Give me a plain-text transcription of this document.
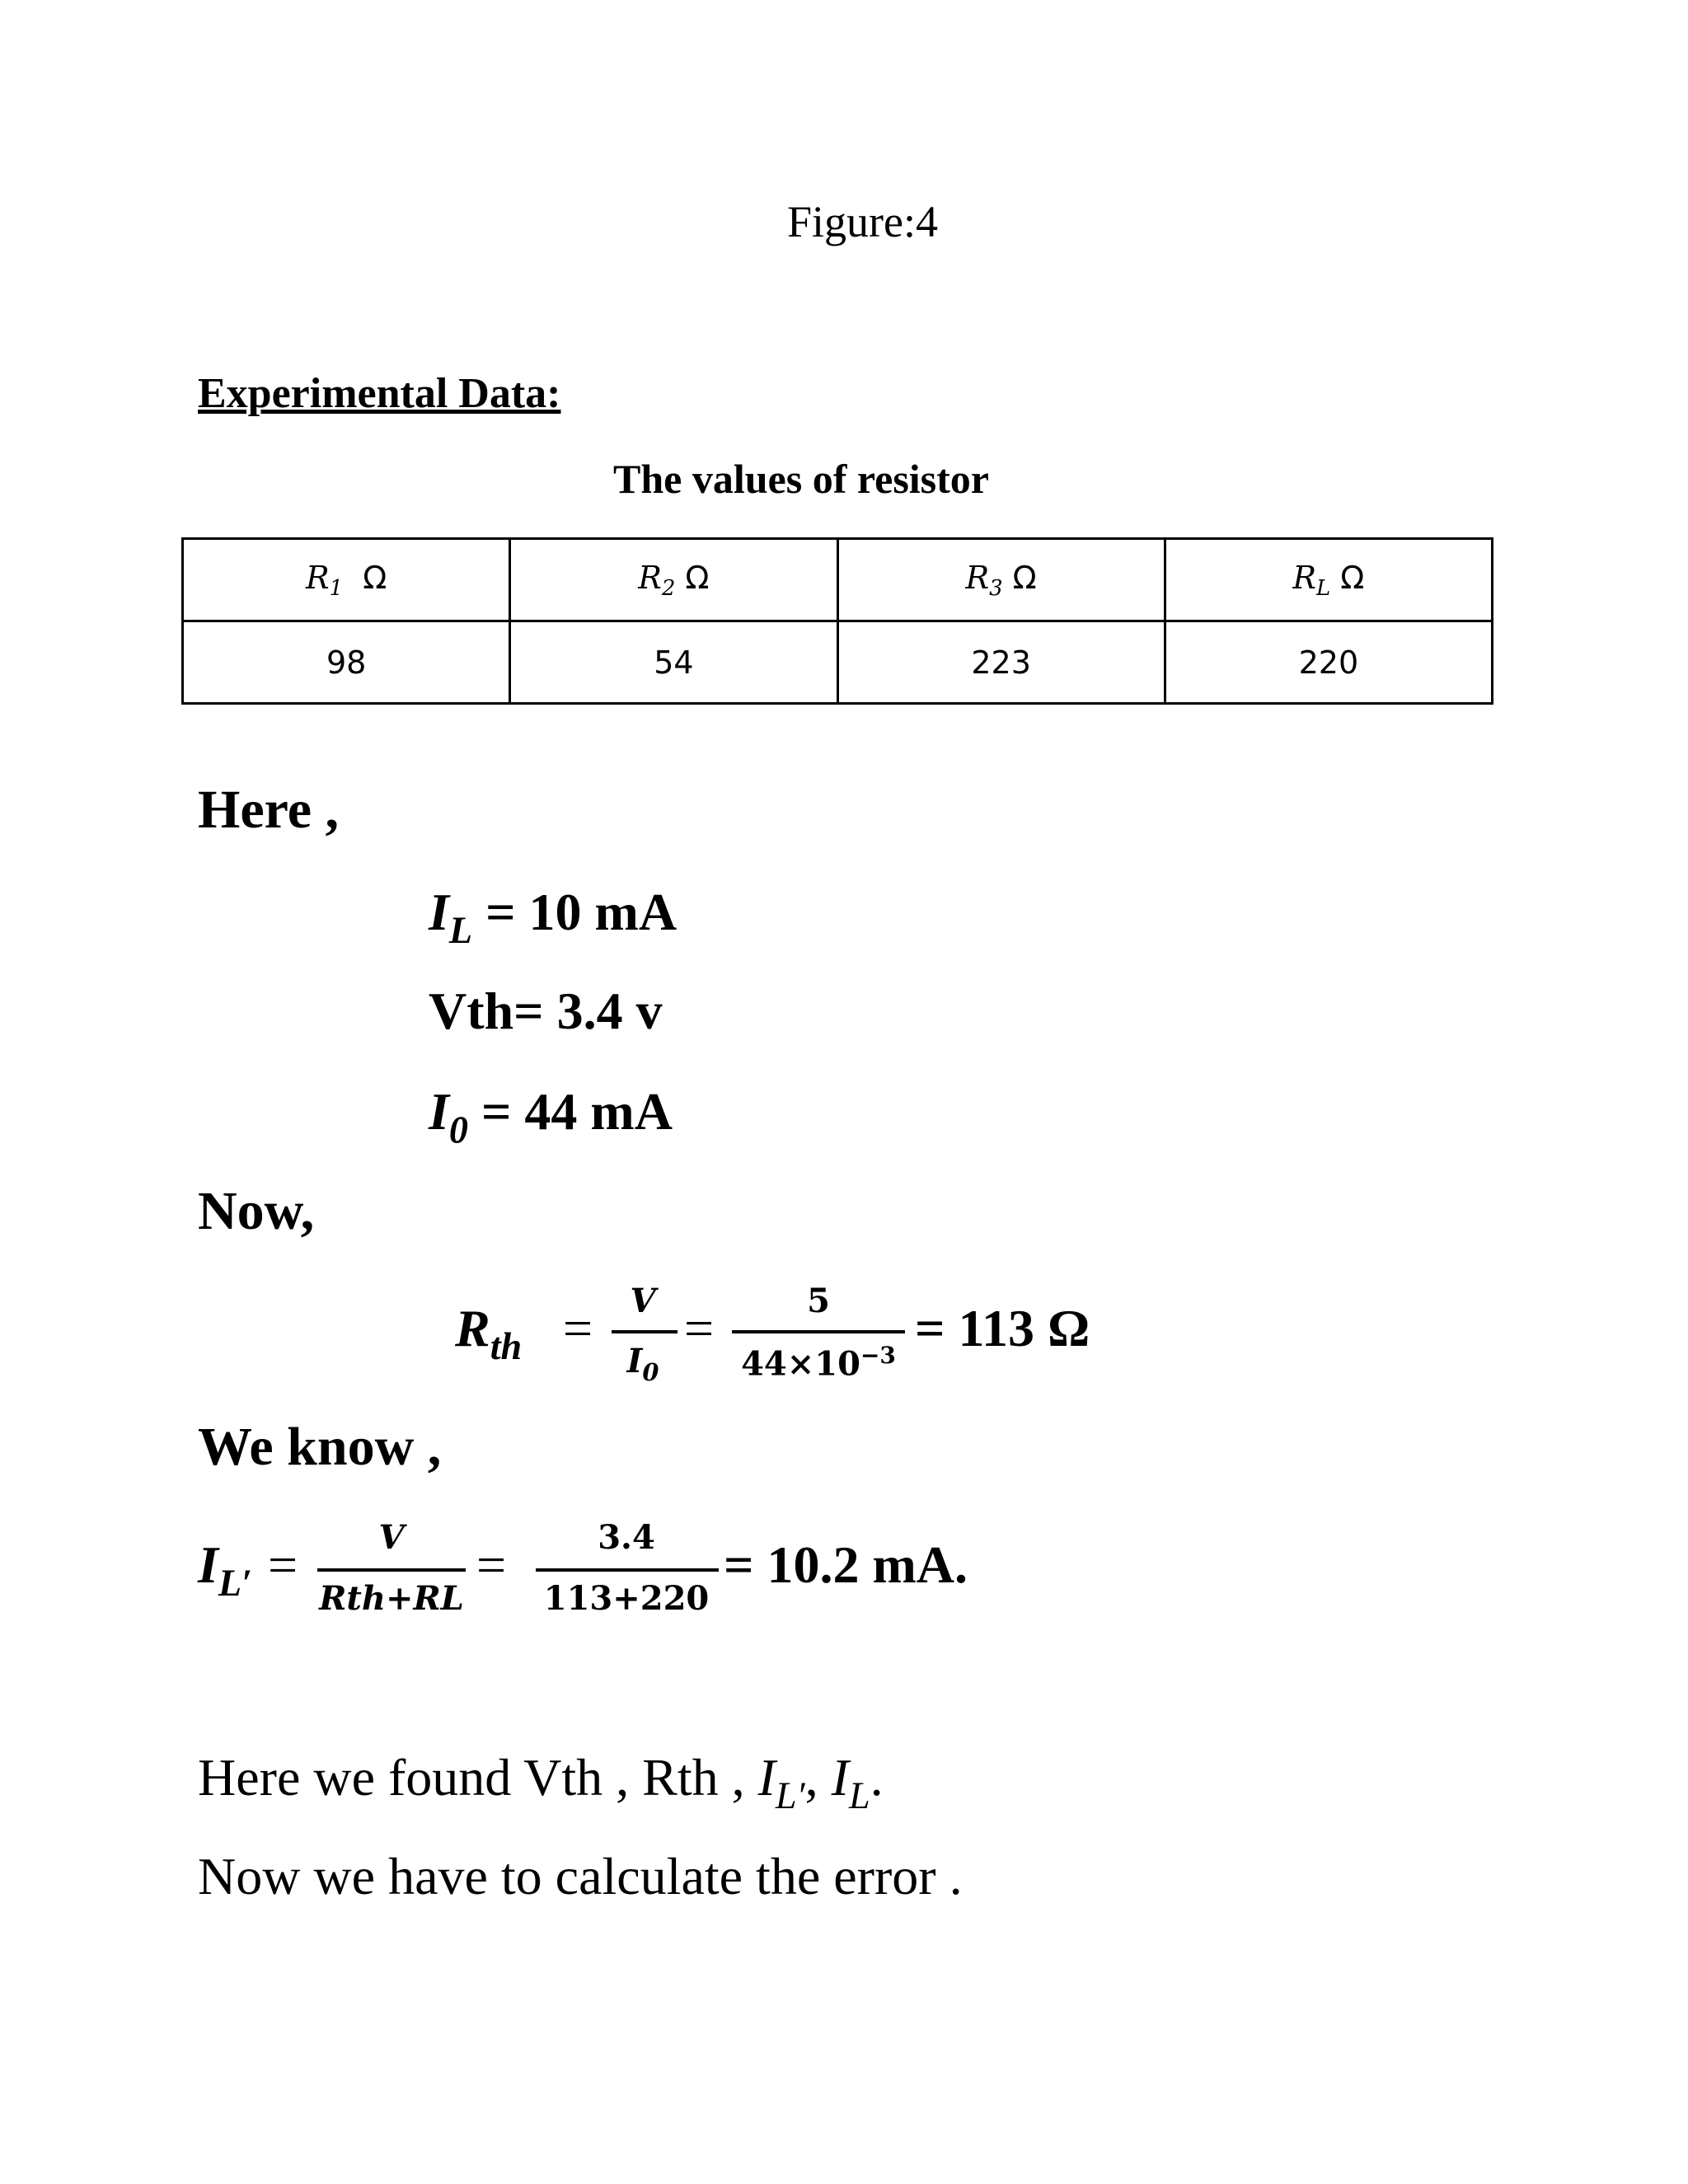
Figure:4
Experimental Data:
The values of resistor
$R_1$ Ω	$R_2$ Ω	$R_3$ Ω	$R_L$ Ω
98	54	223	220
Here ,
$I_L = 10$ mA
Vth= 3.4 v
$I_0 = 44$ mA
Now,
$R_{th}$ =	V
$I_0$
=	5
$44\times 10^{-3} = 113$ Ω
We know ,
$I_{L'}$ =	V
Rth+RL
=	3.4
113+220
= 10.2 mA.
Here we found Vth , Rth , $I_{L'}$, $I_L$.
Now we have to calculate the error .
